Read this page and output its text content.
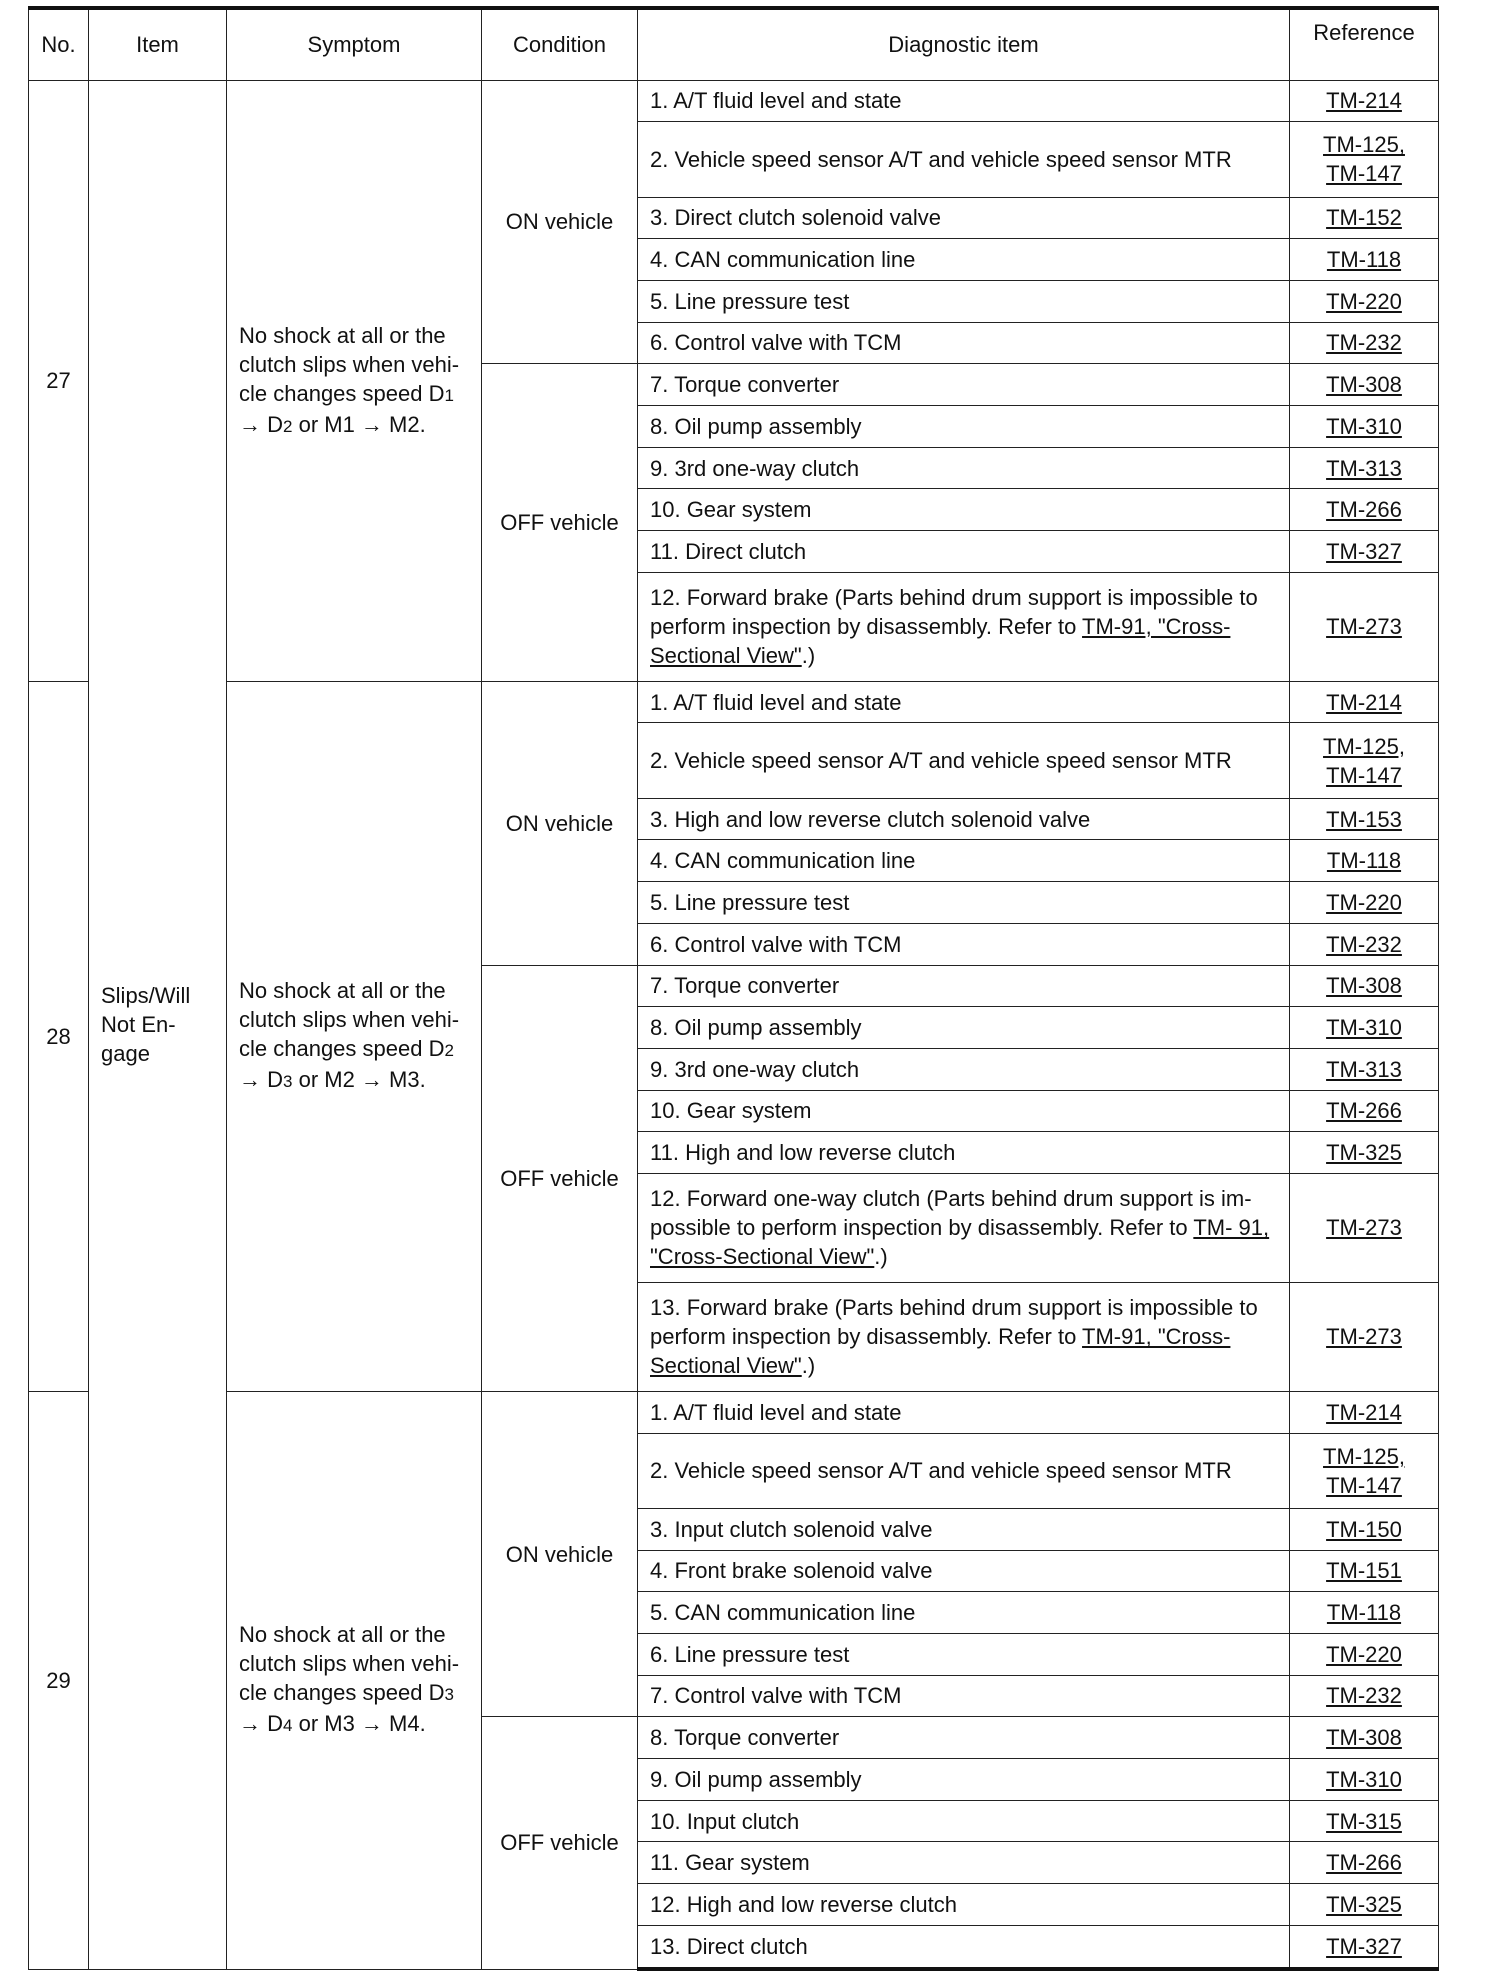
No.	Item	Symptom	Condition	Diagnostic item	Reference
27	Slips/Will
Not En-
gage	No shock at all or the clutch slips when vehi- cle changes speed D1 → D2 or M1 → M2.	ON vehicle	1. A/T fluid level and state	TM-214

				2. Vehicle speed sensor A/T and vehicle speed sensor MTR	TM-125,
TM-147

				3. Direct clutch solenoid valve	TM-152

				4. CAN communication line	TM-118

				5. Line pressure test	TM-220

				6. Control valve with TCM	TM-232

			OFF vehicle	7. Torque converter	TM-308

				8. Oil pump assembly	TM-310

				9. 3rd one-way clutch	TM-313

				10. Gear system	TM-266

				11. Direct clutch	TM-327

				12. Forward brake (Parts behind drum support is impossible to perform inspection by disassembly. Refer to TM-91, "Cross-Sectional View".)	TM-273

28		No shock at all or the clutch slips when vehi- cle changes speed D2 → D3 or M2 → M3.	ON vehicle	1. A/T fluid level and state	TM-214

				2. Vehicle speed sensor A/T and vehicle speed sensor MTR	TM-125,
TM-147

				3. High and low reverse clutch solenoid valve	TM-153

				4. CAN communication line	TM-118

				5. Line pressure test	TM-220

				6. Control valve with TCM	TM-232

			OFF vehicle	7. Torque converter	TM-308

				8. Oil pump assembly	TM-310

				9. 3rd one-way clutch	TM-313

				10. Gear system	TM-266

				11. High and low reverse clutch	TM-325

				12. Forward one-way clutch (Parts behind drum support is im- possible to perform inspection by disassembly. Refer to TM- 91, "Cross-Sectional View".)	TM-273

				13. Forward brake (Parts behind drum support is impossible to perform inspection by disassembly. Refer to TM-91, "Cross-Sectional View".)	TM-273

29		No shock at all or the clutch slips when vehi- cle changes speed D3 → D4 or M3 → M4.	ON vehicle	1. A/T fluid level and state	TM-214

				2. Vehicle speed sensor A/T and vehicle speed sensor MTR	TM-125,
TM-147

				3. Input clutch solenoid valve	TM-150

				4. Front brake solenoid valve	TM-151

				5. CAN communication line	TM-118

				6. Line pressure test	TM-220

				7. Control valve with TCM	TM-232

			OFF vehicle	8. Torque converter	TM-308

				9. Oil pump assembly	TM-310

				10. Input clutch	TM-315

				11. Gear system	TM-266

				12. High and low reverse clutch	TM-325

				13. Direct clutch	TM-327
